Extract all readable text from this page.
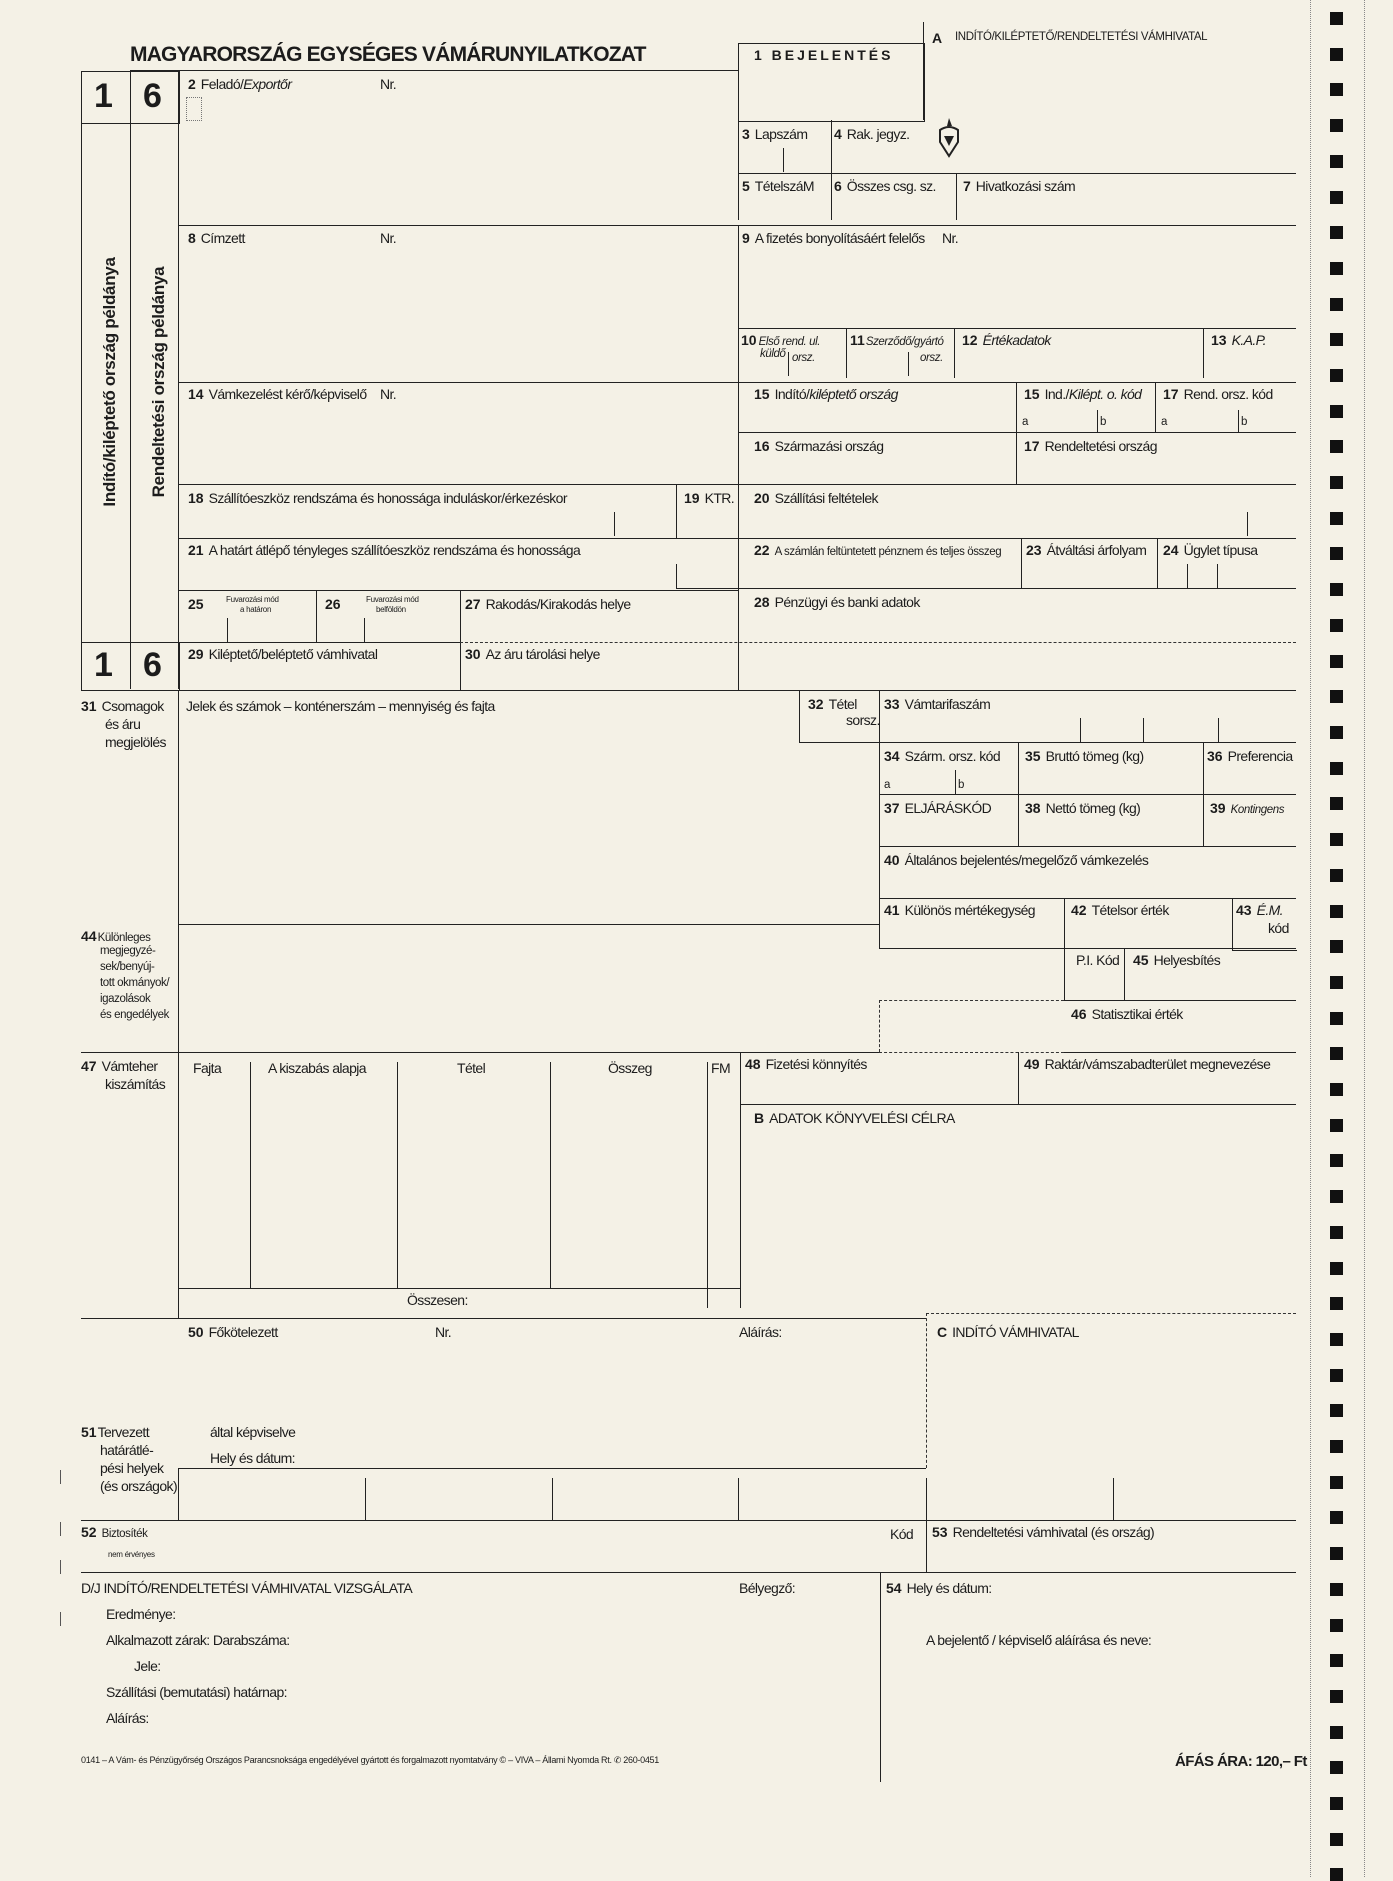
MAGYARORSZÁG EGYSÉGES VÁMÁRUNYILATKOZAT	1 BEJELENTÉS
A INDÍTÓ/KILÉPTETŐ/RENDELTETÉSI VÁMHIVATAL
1 6
1 6
Indító/kiléptető ország példánya Rendeltetési ország példánya
2 Feladó/Exportőr	Nr.
3 Lapszám 4 Rak. jegyz.
5 TételszáM 6 Összes csg. sz. 7 Hivatkozási szám
8 Címzett	Nr.	9 A fizetés bonyolításáért felelős Nr.
10 Első rend. ul.
küldő orsz.
11Szerződő/gyártó
orsz.
12 Értékadatok	13 K.A.P.
14 Vámkezelést kérő/képviselő Nr.	15 Indító/kiléptető ország	15 Ind./Kilépt. o. kód 17 Rend. orsz. kód
a	b	a	b
16 Származási ország	17 Rendeltetési ország
18 Szállítóeszköz rendszáma és honossága induláskor/érkezéskor	19 KTR. 20 Szállítási feltételek
21 A határt átlépő tényleges szállítóeszköz rendszáma és honossága	22 A számlán feltüntetett pénznem és teljes összeg 23 Átváltási árfolyam 24 Ügylet típusa
25	Fuvarozási mód
a határon	26	Fuvarozási mód
belföldön	27 Rakodás/Kirakodás helye	28 Pénzügyi és banki adatok
29 Kiléptető/beléptető vámhivatal	30 Az áru tárolási helye
31 Csomagok
és áru
megjelölés
Jelek és számok – konténerszám – mennyiség és fajta	32 Tétel
sorsz.
33 Vámtarifaszám
34 Szárm. orsz. kód
a	b
35 Bruttó tömeg (kg)	36 Preferencia
37 ELJÁRÁSKÓD 38 Nettó tömeg (kg)	39 Kontingens
40 Általános bejelentés/megelőző vámkezelés
41 Különös mértékegység	42 Tételsor érték	43 É.M.
kód
44Különleges
megjegyzé-
sek/benyúj-
tott okmányok/
igazolások
és engedélyek
P.I. Kód 45 Helyesbítés
46 Statisztikai érték
47 Vámteher
kiszámítás
Fajta	A kiszabás alapja	Tétel	Összeg	FM
Összesen:
48 Fizetési könnyítés	49 Raktár/vámszabadterület megnevezése
B ADATOK KÖNYVELÉSI CÉLRA
50 Főkötelezett	Nr.	Aláírás:	C INDÍTÓ VÁMHIVATAL
által képviselve
Hely és dátum:
51Tervezett
határátlé-
pési helyek
(és országok)
52 Biztosíték
nem érvényes
Kód 53 Rendeltetési vámhivatal (és ország)
D/J INDÍTÓ/RENDELTETÉSI VÁMHIVATAL VIZSGÁLATA
Eredménye:
Alkalmazott zárak: Darabszáma:
Jele:
Szállítási (bemutatási) határnap:
Aláírás:
Bélyegző:	54 Hely és dátum:
A bejelentő / képviselő aláírása és neve:
0141 – A Vám- és Pénzügyőrség Országos Parancsnoksága engedélyével gyártott és forgalmazott nyomtatvány © – VIVA – Állami Nyomda Rt. ✆ 260-0451	ÁFÁS ÁRA: 120,– Ft
